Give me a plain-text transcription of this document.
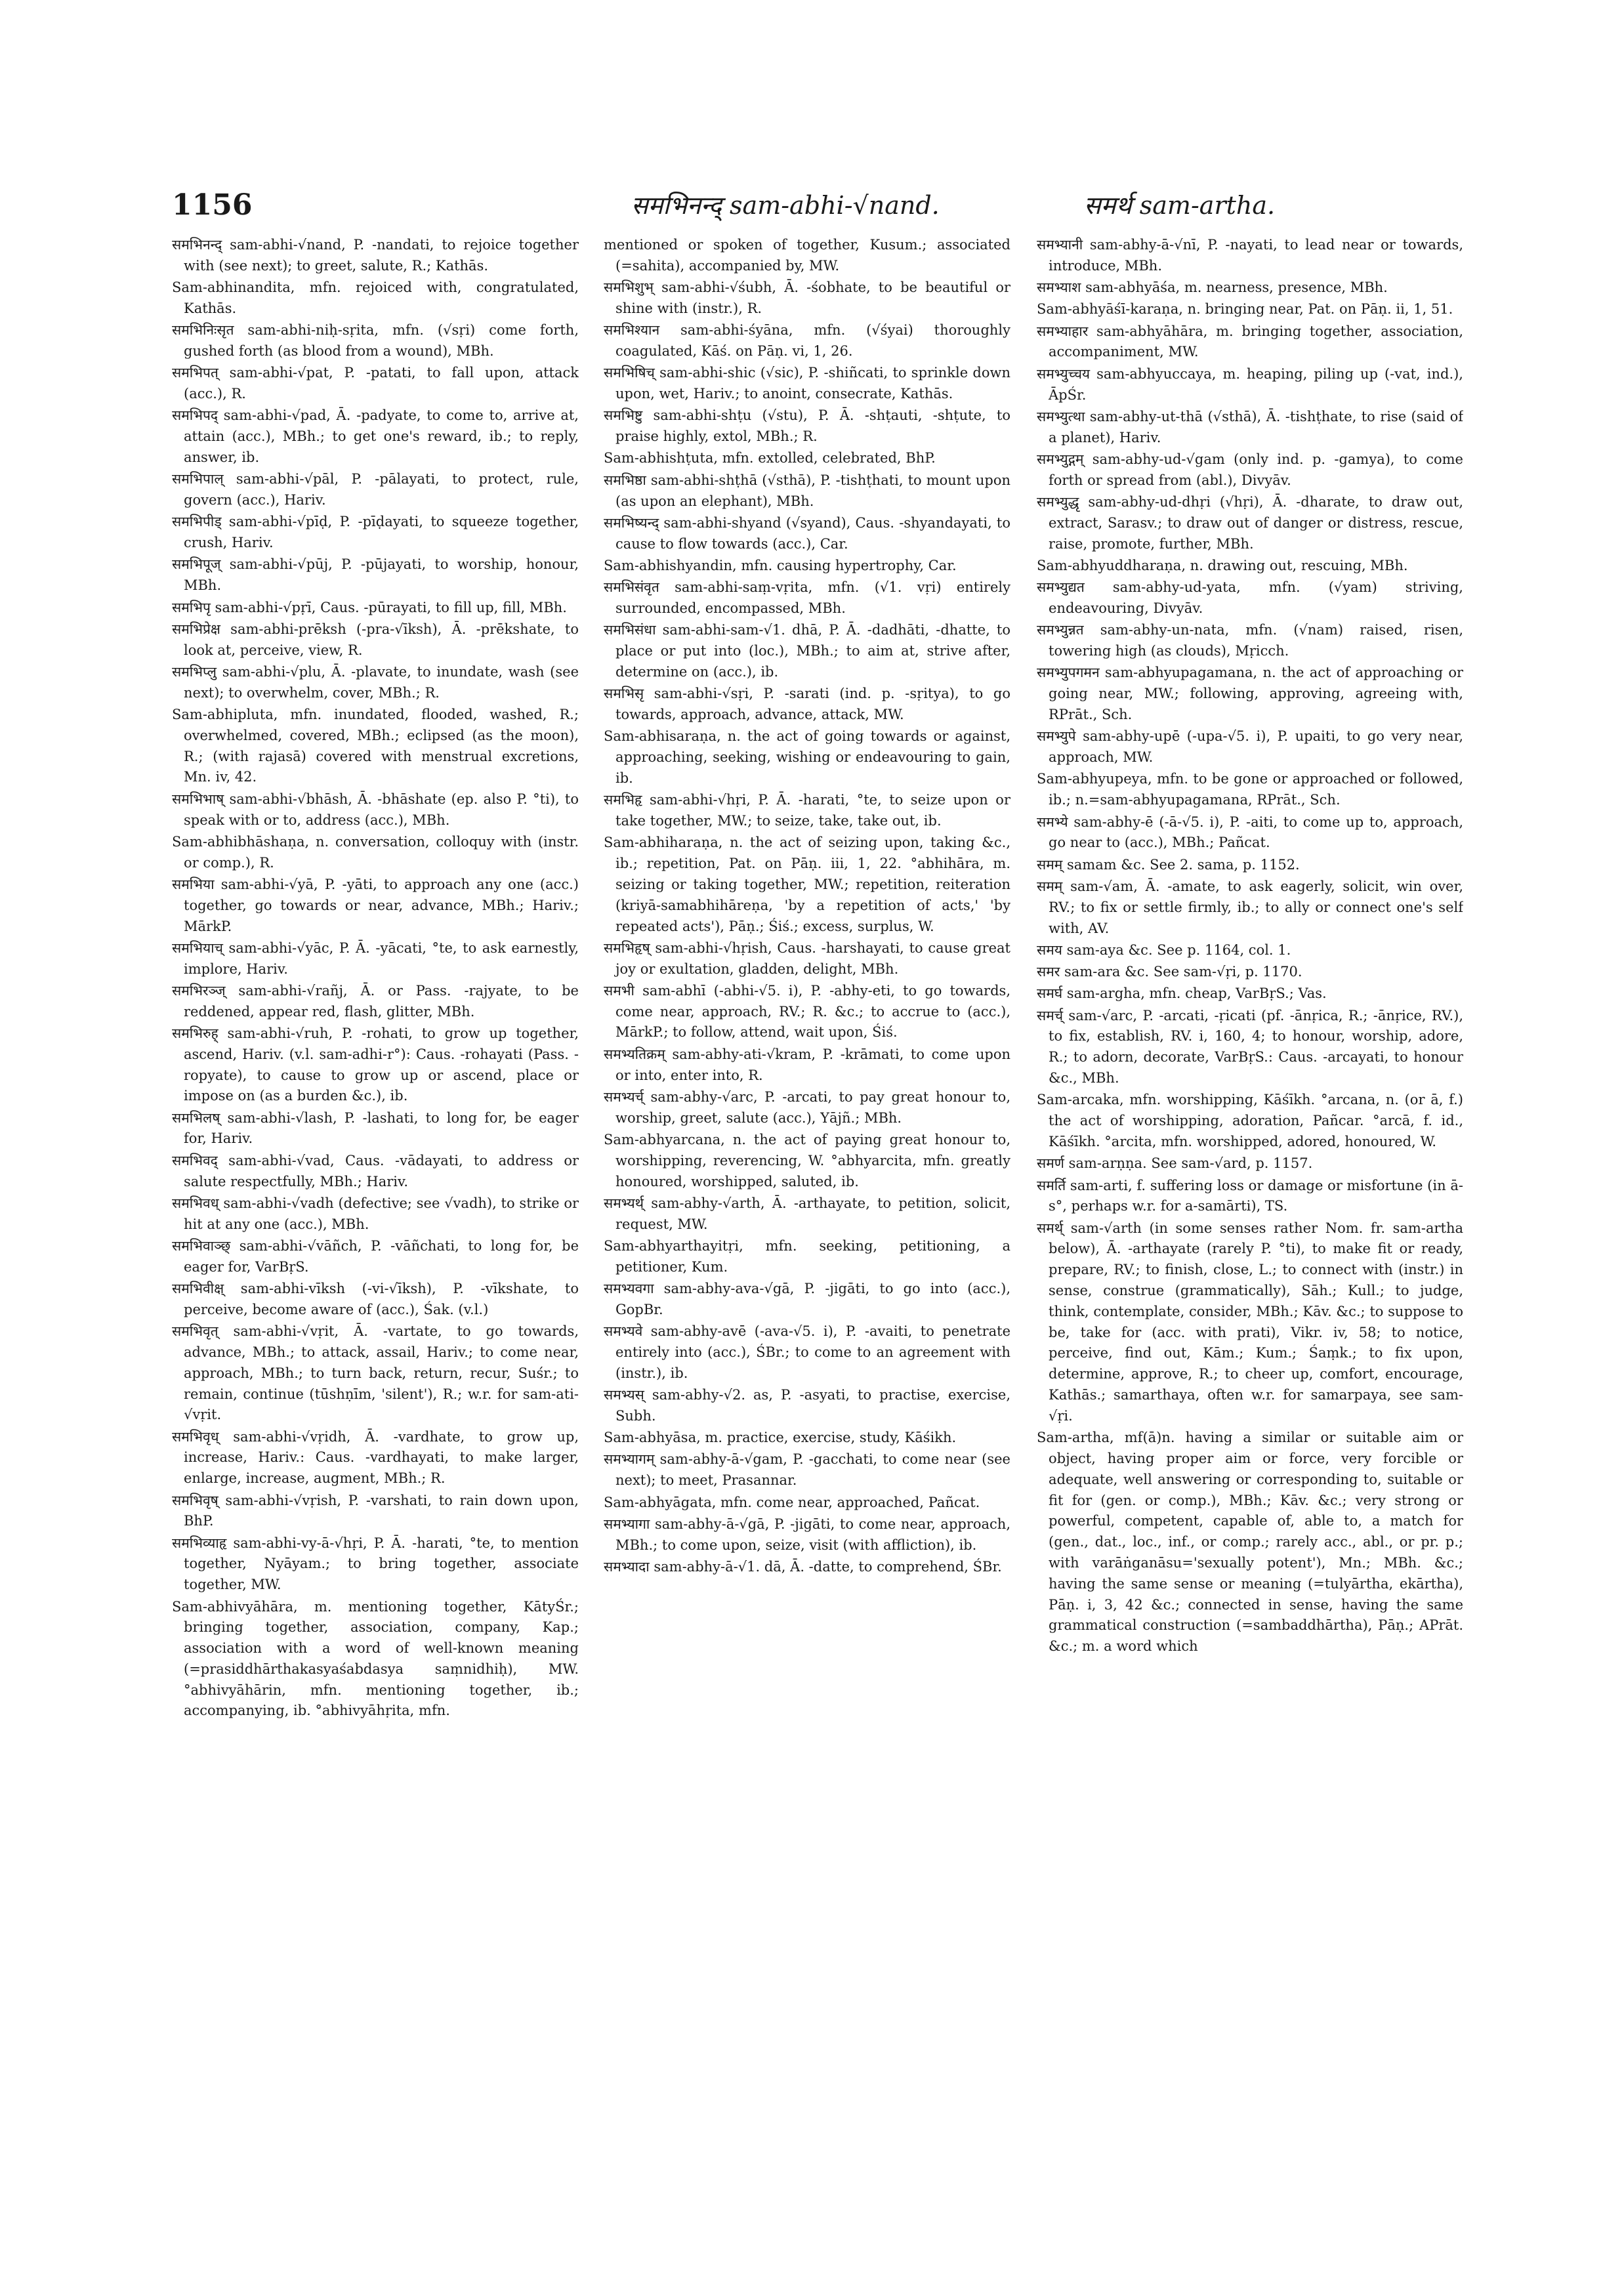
1156	समभिनन्द् sam-abhi-√nand.	समर्थ sam-artha.

समभिनन्द् sam-abhi-√nand, P. -nandati, to rejoice together with (see next); to greet, salute, R.; Kathās.

Sam-abhinandita, mfn. rejoiced with, congratulated, Kathās.

समभिनिःसृत sam-abhi-niḥ-sṛita, mfn. (√sṛi) come forth, gushed forth (as blood from a wound), MBh.

समभिपत् sam-abhi-√pat, P. -patati, to fall upon, attack (acc.), R.

समभिपद् sam-abhi-√pad, Ā. -padyate, to come to, arrive at, attain (acc.), MBh.; to get one's reward, ib.; to reply, answer, ib.

समभिपाल् sam-abhi-√pāl, P. -pālayati, to protect, rule, govern (acc.), Hariv.

समभिपीड् sam-abhi-√pīḍ, P. -pīḍayati, to squeeze together, crush, Hariv.

समभिपूज् sam-abhi-√pūj, P. -pūjayati, to worship, honour, MBh.

समभिपृ sam-abhi-√pṛī, Caus. -pūrayati, to fill up, fill, MBh.

समभिप्रेक्ष sam-abhi-prēksh (-pra-√īksh), Ā. -prēkshate, to look at, perceive, view, R.

समभिप्लु sam-abhi-√plu, Ā. -plavate, to inundate, wash (see next); to overwhelm, cover, MBh.; R.

Sam-abhipluta, mfn. inundated, flooded, washed, R.; overwhelmed, covered, MBh.; eclipsed (as the moon), R.; (with rajasā) covered with menstrual excretions, Mn. iv, 42.

समभिभाष् sam-abhi-√bhāsh, Ā. -bhāshate (ep. also P. °ti), to speak with or to, address (acc.), MBh.

Sam-abhibhāshaṇa, n. conversation, colloquy with (instr. or comp.), R.

समभिया sam-abhi-√yā, P. -yāti, to approach any one (acc.) together, go towards or near, advance, MBh.; Hariv.; MārkP.

समभियाच् sam-abhi-√yāc, P. Ā. -yācati, °te, to ask earnestly, implore, Hariv.

समभिरञ्ज् sam-abhi-√rañj, Ā. or Pass. -rajyate, to be reddened, appear red, flash, glitter, MBh.

समभिरुह् sam-abhi-√ruh, P. -rohati, to grow up together, ascend, Hariv. (v.l. sam-adhi-r°): Caus. -rohayati (Pass. -ropyate), to cause to grow up or ascend, place or impose on (as a burden &c.), ib.

समभिलष् sam-abhi-√lash, P. -lashati, to long for, be eager for, Hariv.

समभिवद् sam-abhi-√vad, Caus. -vādayati, to address or salute respectfully, MBh.; Hariv.

समभिवध् sam-abhi-√vadh (defective; see √vadh), to strike or hit at any one (acc.), MBh.

समभिवाञ्छ् sam-abhi-√vāñch, P. -vāñchati, to long for, be eager for, VarBṛS.

समभिवीक्ष् sam-abhi-vīksh (-vi-√īksh), P. -vīkshate, to perceive, become aware of (acc.), Śak. (v.l.)

समभिवृत् sam-abhi-√vṛit, Ā. -vartate, to go towards, advance, MBh.; to attack, assail, Hariv.; to come near, approach, MBh.; to turn back, return, recur, Suśr.; to remain, continue (tūshṇīm, 'silent'), R.; w.r. for sam-ati-√vṛit.

समभिवृध् sam-abhi-√vṛidh, Ā. -vardhate, to grow up, increase, Hariv.: Caus. -vardhayati, to make larger, enlarge, increase, augment, MBh.; R.

समभिवृष् sam-abhi-√vṛish, P. -varshati, to rain down upon, BhP.

समभिव्याहृ sam-abhi-vy-ā-√hṛi, P. Ā. -harati, °te, to mention together, Nyāyam.; to bring together, associate together, MW.

Sam-abhivyāhāra, m. mentioning together, KātyŚr.; bringing together, association, company, Kap.; association with a word of well-known meaning (=prasiddhārthakasyaśabdasya saṃnidhiḥ), MW. °abhivyāhārin, mfn. mentioning together, ib.; accompanying, ib. °abhivyāhṛita, mfn.

mentioned or spoken of together, Kusum.; associated (=sahita), accompanied by, MW.

समभिशुभ् sam-abhi-√śubh, Ā. -śobhate, to be beautiful or shine with (instr.), R.

समभिश्यान sam-abhi-śyāna, mfn. (√śyai) thoroughly coagulated, Kāś. on Pāṇ. vi, 1, 26.

समभिषिच् sam-abhi-shic (√sic), P. -shiñcati, to sprinkle down upon, wet, Hariv.; to anoint, consecrate, Kathās.

समभिष्टु sam-abhi-shṭu (√stu), P. Ā. -shṭauti, -shṭute, to praise highly, extol, MBh.; R.

Sam-abhishṭuta, mfn. extolled, celebrated, BhP.

समभिष्ठा sam-abhi-shṭhā (√sthā), P. -tishṭhati, to mount upon (as upon an elephant), MBh.

समभिष्यन्द् sam-abhi-shyand (√syand), Caus. -shyandayati, to cause to flow towards (acc.), Car.

Sam-abhishyandin, mfn. causing hypertrophy, Car.

समभिसंवृत sam-abhi-saṃ-vṛita, mfn. (√1. vṛi) entirely surrounded, encompassed, MBh.

समभिसंधा sam-abhi-sam-√1. dhā, P. Ā. -dadhāti, -dhatte, to place or put into (loc.), MBh.; to aim at, strive after, determine on (acc.), ib.

समभिसृ sam-abhi-√sṛi, P. -sarati (ind. p. -sṛitya), to go towards, approach, advance, attack, MW.

Sam-abhisaraṇa, n. the act of going towards or against, approaching, seeking, wishing or endeavouring to gain, ib.

समभिहृ sam-abhi-√hṛi, P. Ā. -harati, °te, to seize upon or take together, MW.; to seize, take, take out, ib.

Sam-abhiharaṇa, n. the act of seizing upon, taking &c., ib.; repetition, Pat. on Pāṇ. iii, 1, 22. °abhihāra, m. seizing or taking together, MW.; repetition, reiteration (kriyā-samabhihāreṇa, 'by a repetition of acts,' 'by repeated acts'), Pāṇ.; Śiś.; excess, surplus, W.

समभिहृष् sam-abhi-√hṛish, Caus. -harshayati, to cause great joy or exultation, gladden, delight, MBh.

समभी sam-abhī (-abhi-√5. i), P. -abhy-eti, to go towards, come near, approach, RV.; R. &c.; to accrue to (acc.), MārkP.; to follow, attend, wait upon, Śiś.

समभ्यतिक्रम् sam-abhy-ati-√kram, P. -krāmati, to come upon or into, enter into, R.

समभ्यर्च् sam-abhy-√arc, P. -arcati, to pay great honour to, worship, greet, salute (acc.), Yājñ.; MBh.

Sam-abhyarcana, n. the act of paying great honour to, worshipping, reverencing, W. °abhyarcita, mfn. greatly honoured, worshipped, saluted, ib.

समभ्यर्थ् sam-abhy-√arth, Ā. -arthayate, to petition, solicit, request, MW.

Sam-abhyarthayitṛi, mfn. seeking, petitioning, a petitioner, Kum.

समभ्यवगा sam-abhy-ava-√gā, P. -jigāti, to go into (acc.), GopBr.

समभ्यवे sam-abhy-avē (-ava-√5. i), P. -avaiti, to penetrate entirely into (acc.), ŚBr.; to come to an agreement with (instr.), ib.

समभ्यस् sam-abhy-√2. as, P. -asyati, to practise, exercise, Subh.

Sam-abhyāsa, m. practice, exercise, study, Kāśikh.

समभ्यागम् sam-abhy-ā-√gam, P. -gacchati, to come near (see next); to meet, Prasannar.

Sam-abhyāgata, mfn. come near, approached, Pañcat.

समभ्यागा sam-abhy-ā-√gā, P. -jigāti, to come near, approach, MBh.; to come upon, seize, visit (with affliction), ib.

समभ्यादा sam-abhy-ā-√1. dā, Ā. -datte, to comprehend, ŚBr.

समभ्यानी sam-abhy-ā-√nī, P. -nayati, to lead near or towards, introduce, MBh.

समभ्याश sam-abhyāśa, m. nearness, presence, MBh.

Sam-abhyāśī-karaṇa, n. bringing near, Pat. on Pāṇ. ii, 1, 51.

समभ्याहार sam-abhyāhāra, m. bringing together, association, accompaniment, MW.

समभ्युच्चय sam-abhyuccaya, m. heaping, piling up (-vat, ind.), ĀpŚr.

समभ्युत्था sam-abhy-ut-thā (√sthā), Ā. -tishṭhate, to rise (said of a planet), Hariv.

समभ्युद्गम् sam-abhy-ud-√gam (only ind. p. -gamya), to come forth or spread from (abl.), Divyāv.

समभ्युद्धृ sam-abhy-ud-dhṛi (√hṛi), Ā. -dharate, to draw out, extract, Sarasv.; to draw out of danger or distress, rescue, raise, promote, further, MBh.

Sam-abhyuddharaṇa, n. drawing out, rescuing, MBh.

समभ्युद्यत sam-abhy-ud-yata, mfn. (√yam) striving, endeavouring, Divyāv.

समभ्युन्नत sam-abhy-un-nata, mfn. (√nam) raised, risen, towering high (as clouds), Mṛicch.

समभ्युपगमन sam-abhyupagamana, n. the act of approaching or going near, MW.; following, approving, agreeing with, RPrāt., Sch.

समभ्युपे sam-abhy-upē (-upa-√5. i), P. upaiti, to go very near, approach, MW.

Sam-abhyupeya, mfn. to be gone or approached or followed, ib.; n.=sam-abhyupagamana, RPrāt., Sch.

समभ्ये sam-abhy-ē (-ā-√5. i), P. -aiti, to come up to, approach, go near to (acc.), MBh.; Pañcat.

समम् samam &c. See 2. sama, p. 1152.

समम् sam-√am, Ā. -amate, to ask eagerly, solicit, win over, RV.; to fix or settle firmly, ib.; to ally or connect one's self with, AV.

समय sam-aya &c. See p. 1164, col. 1.

समर sam-ara &c. See sam-√ṛi, p. 1170.

समर्घ sam-argha, mfn. cheap, VarBṛS.; Vas.

समर्च् sam-√arc, P. -arcati, -ṛicati (pf. -ānṛica, R.; -ānṛice, RV.), to fix, establish, RV. i, 160, 4; to honour, worship, adore, R.; to adorn, decorate, VarBṛS.: Caus. -arcayati, to honour &c., MBh.

Sam-arcaka, mfn. worshipping, Kāśīkh. °arcana, n. (or ā, f.) the act of worshipping, adoration, Pañcar. °arcā, f. id., Kāśīkh. °arcita, mfn. worshipped, adored, honoured, W.

समर्ण sam-arṇṇa. See sam-√ard, p. 1157.

समर्ति sam-arti, f. suffering loss or damage or misfortune (in ā-s°, perhaps w.r. for a-samārti), TS.

समर्थ् sam-√arth (in some senses rather Nom. fr. sam-artha below), Ā. -arthayate (rarely P. °ti), to make fit or ready, prepare, RV.; to finish, close, L.; to connect with (instr.) in sense, construe (grammatically), Sāh.; Kull.; to judge, think, contemplate, consider, MBh.; Kāv. &c.; to suppose to be, take for (acc. with prati), Vikr. iv, 58; to notice, perceive, find out, Kām.; Kum.; Śaṃk.; to fix upon, determine, approve, R.; to cheer up, comfort, encourage, Kathās.; samarthaya, often w.r. for samarpaya, see sam-√ṛi.

Sam-artha, mf(ā)n. having a similar or suitable aim or object, having proper aim or force, very forcible or adequate, well answering or corresponding to, suitable or fit for (gen. or comp.), MBh.; Kāv. &c.; very strong or powerful, competent, capable of, able to, a match for (gen., dat., loc., inf., or comp.; rarely acc., abl., or pr. p.; with varāṅganāsu='sexually potent'), Mn.; MBh. &c.; having the same sense or meaning (=tulyārtha, ekārtha), Pāṇ. i, 3, 42 &c.; connected in sense, having the same grammatical construction (=sambaddhārtha), Pāṇ.; APrāt. &c.; m. a word which
